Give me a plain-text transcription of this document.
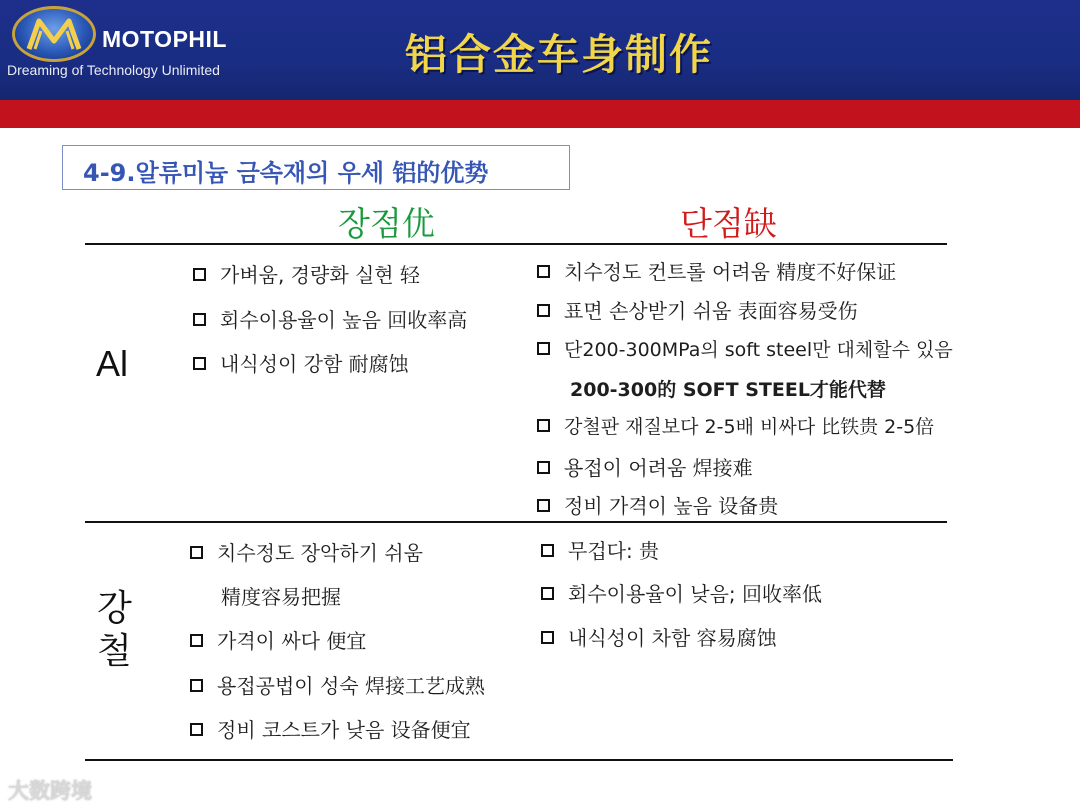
MOTOPHIL
Dreaming of Technology Unlimited	铝合金车身制作
4-9.알류미늄 금속재의 우세 铝的优势
장점优	단점缺
Al
강
철
가벼움, 경량화 실현 轻
회수이용율이 높음 回收率高
내식성이 강함 耐腐蚀
치수정도 컨트롤 어려움 精度不好保证
표면 손상받기 쉬움 表面容易受伤
단200-300MPa의 soft steel만 대체할수 있음
200-300的 SOFT STEEL才能代替
강철판 재질보다 2-5배 비싸다 比铁贵 2-5倍
용접이 어려움 焊接难
정비 가격이 높음 设备贵
치수정도 장악하기 쉬움
精度容易把握
가격이 싸다 便宜
용접공법이 성숙 焊接工艺成熟
정비 코스트가 낮음 设备便宜
무겁다: 贵
회수이용율이 낮음; 回收率低
내식성이 차함 容易腐蚀
大数跨境
